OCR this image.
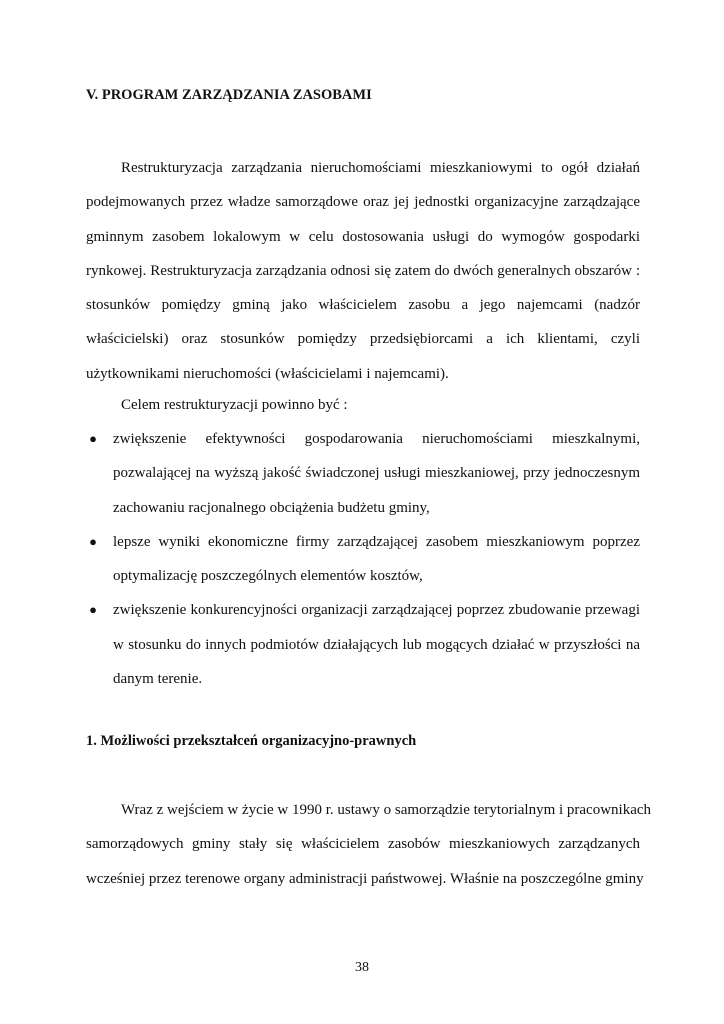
V. PROGRAM ZARZĄDZANIA ZASOBAMI
Restrukturyzacja zarządzania nieruchomościami mieszkaniowymi to ogół działań
podejmowanych przez władze samorządowe oraz jej jednostki organizacyjne zarządzające
gminnym zasobem lokalowym w celu dostosowania usługi do wymogów gospodarki
rynkowej. Restrukturyzacja zarządzania odnosi się zatem do dwóch generalnych obszarów :
stosunków pomiędzy gminą jako właścicielem zasobu a jego najemcami (nadzór
właścicielski) oraz stosunków pomiędzy przedsiębiorcami a ich klientami, czyli
użytkownikami nieruchomości (właścicielami i najemcami).
Celem restrukturyzacji powinno być :
● zwiększenie efektywności gospodarowania nieruchomościami mieszkalnymi,
pozwalającej na wyższą jakość świadczonej usługi mieszkaniowej, przy jednoczesnym
zachowaniu racjonalnego obciążenia budżetu gminy,
● lepsze wyniki ekonomiczne firmy zarządzającej zasobem mieszkaniowym poprzez
optymalizację poszczególnych elementów kosztów,
● zwiększenie konkurencyjności organizacji zarządzającej poprzez zbudowanie przewagi
w stosunku do innych podmiotów działających lub mogących działać w przyszłości na
danym terenie.
1. Możliwości przekształceń organizacyjno-prawnych
Wraz z wejściem w życie w 1990 r. ustawy o samorządzie terytorialnym i pracownikach
samorządowych gminy stały się właścicielem zasobów mieszkaniowych zarządzanych
wcześniej przez terenowe organy administracji państwowej. Właśnie na poszczególne gminy
38
